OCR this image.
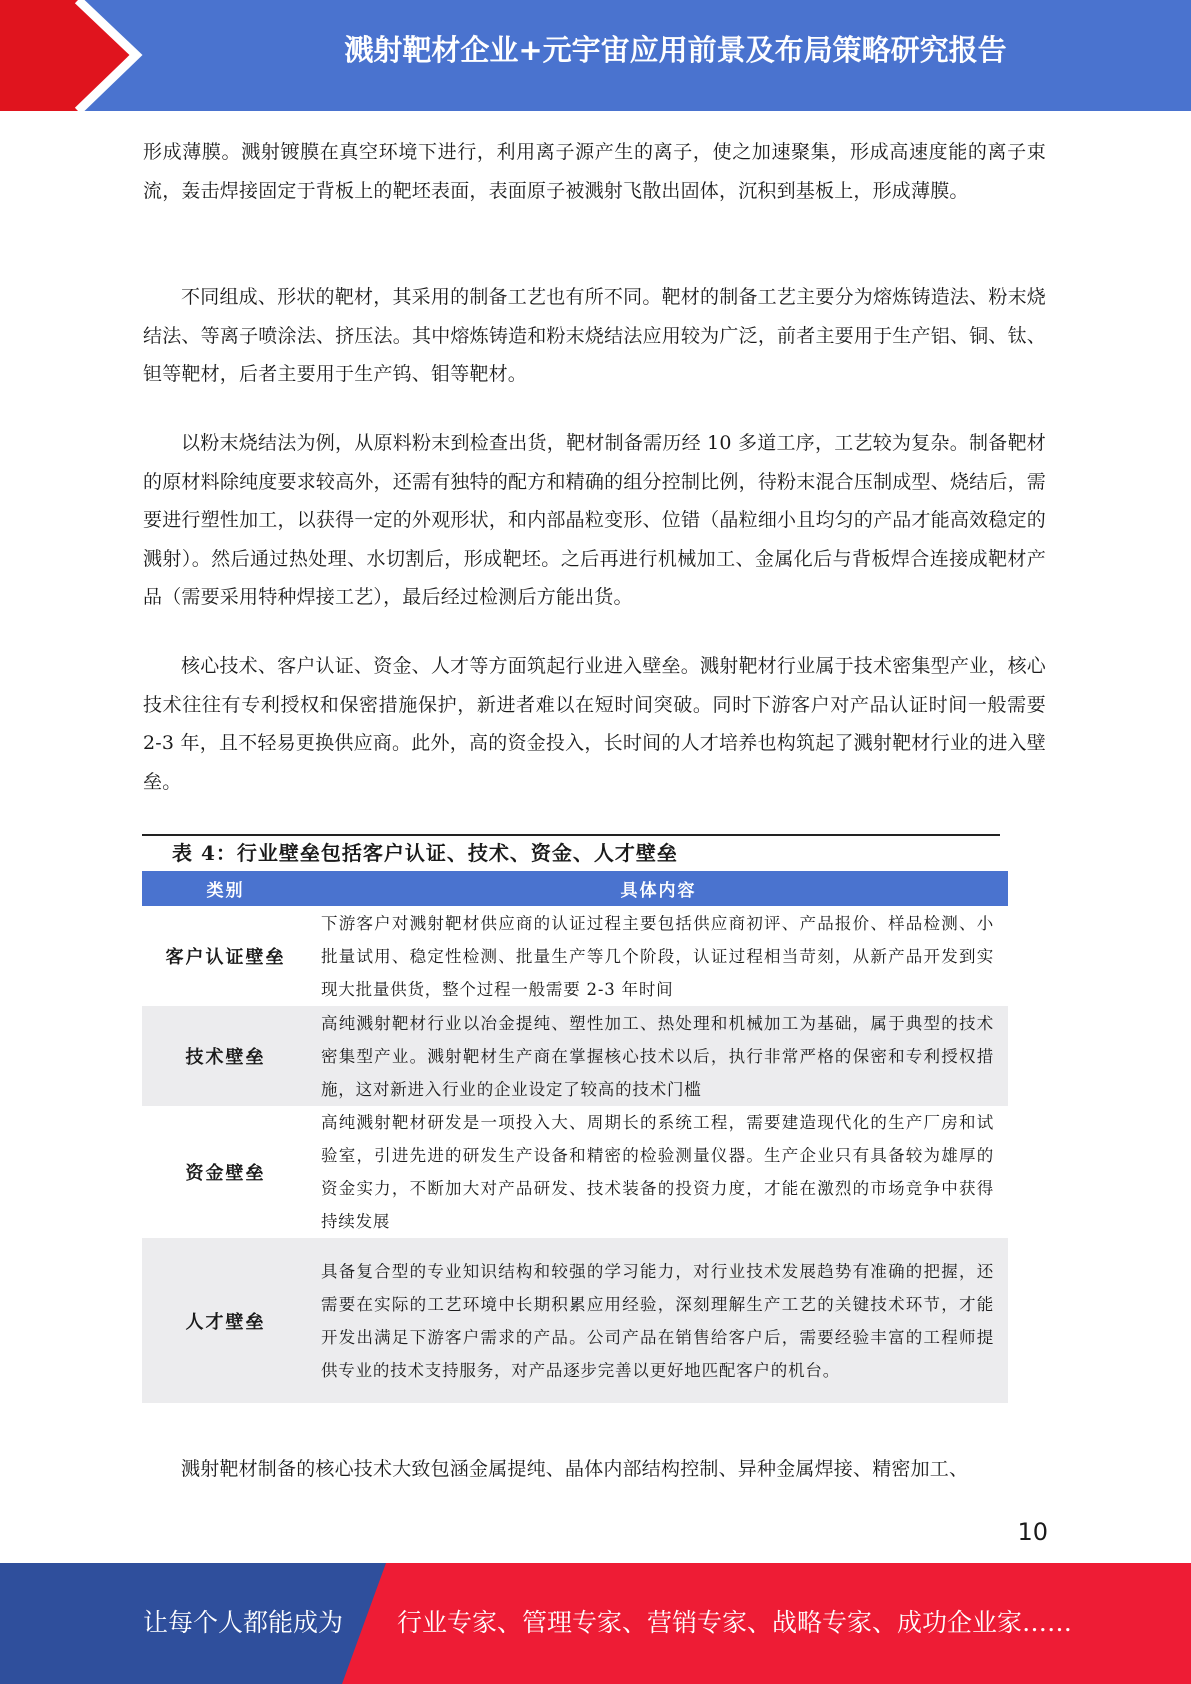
溅射靶材企业+元宇宙应用前景及布局策略研究报告

形成薄膜。溅射镀膜在真空环境下进行，利用离子源产生的离子，使之加速聚集，形成高速度能的离子束流，轰击焊接固定于背板上的靶坯表面，表面原子被溅射飞散出固体，沉积到基板上，形成薄膜。

不同组成、形状的靶材，其采用的制备工艺也有所不同。靶材的制备工艺主要分为熔炼铸造法、粉末烧结法、等离子喷涂法、挤压法。其中熔炼铸造和粉末烧结法应用较为广泛，前者主要用于生产铝、铜、钛、钽等靶材，后者主要用于生产钨、钼等靶材。

以粉末烧结法为例，从原料粉末到检查出货，靶材制备需历经 10 多道工序，工艺较为复杂。制备靶材的原材料除纯度要求较高外，还需有独特的配方和精确的组分控制比例，待粉末混合压制成型、烧结后，需要进行塑性加工，以获得一定的外观形状，和内部晶粒变形、位错（晶粒细小且均匀的产品才能高效稳定的溅射）。然后通过热处理、水切割后，形成靶坯。之后再进行机械加工、金属化后与背板焊合连接成靶材产品（需要采用特种焊接工艺），最后经过检测后方能出货。

核心技术、客户认证、资金、人才等方面筑起行业进入壁垒。溅射靶材行业属于技术密集型产业，核心技术往往有专利授权和保密措施保护，新进者难以在短时间突破。同时下游客户对产品认证时间一般需要 2-3 年，且不轻易更换供应商。此外，高的资金投入，长时间的人才培养也构筑起了溅射靶材行业的进入壁垒。

溅射靶材制备的核心技术大致包涵金属提纯、晶体内部结构控制、异种金属焊接、精密加工、

表 4：行业壁垒包括客户认证、技术、资金、人才壁垒
类别	具体内容
客户认证壁垒	下游客户对溅射靶材供应商的认证过程主要包括供应商初评、产品报价、样品检测、小批量试用、稳定性检测、批量生产等几个阶段，认证过程相当苛刻，从新产品开发到实现大批量供货，整个过程一般需要 2-3 年时间
技术壁垒	高纯溅射靶材行业以冶金提纯、塑性加工、热处理和机械加工为基础，属于典型的技术密集型产业。溅射靶材生产商在掌握核心技术以后，执行非常严格的保密和专利授权措施，这对新进入行业的企业设定了较高的技术门槛
资金壁垒	高纯溅射靶材研发是一项投入大、周期长的系统工程，需要建造现代化的生产厂房和试验室，引进先进的研发生产设备和精密的检验测量仪器。生产企业只有具备较为雄厚的资金实力，不断加大对产品研发、技术装备的投资力度，才能在激烈的市场竞争中获得持续发展
人才壁垒	具备复合型的专业知识结构和较强的学习能力，对行业技术发展趋势有准确的把握，还需要在实际的工艺环境中长期积累应用经验，深刻理解生产工艺的关键技术环节，才能开发出满足下游客户需求的产品。公司产品在销售给客户后，需要经验丰富的工程师提供专业的技术支持服务，对产品逐步完善以更好地匹配客户的机台。
10
让每个人都能成为 行业专家、管理专家、营销专家、战略专家、成功企业家……
